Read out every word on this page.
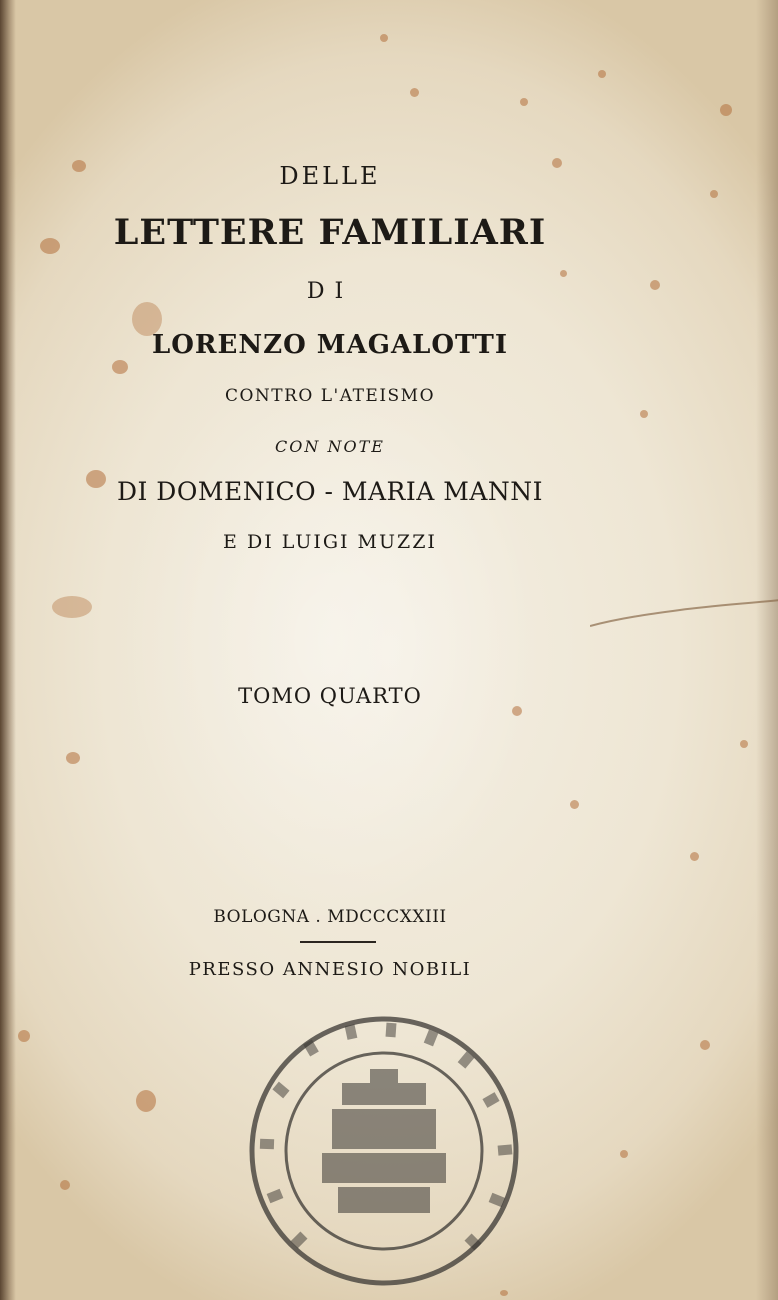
DELLE
LETTERE FAMILIARI
DI
LORENZO MAGALOTTI
CONTRO L'ATEISMO
CON NOTE
DI DOMENICO - MARIA MANNI
E DI LUIGI MUZZI
TOMO QUARTO
BOLOGNA . MDCCCXXIII
PRESSO ANNESIO NOBILI
